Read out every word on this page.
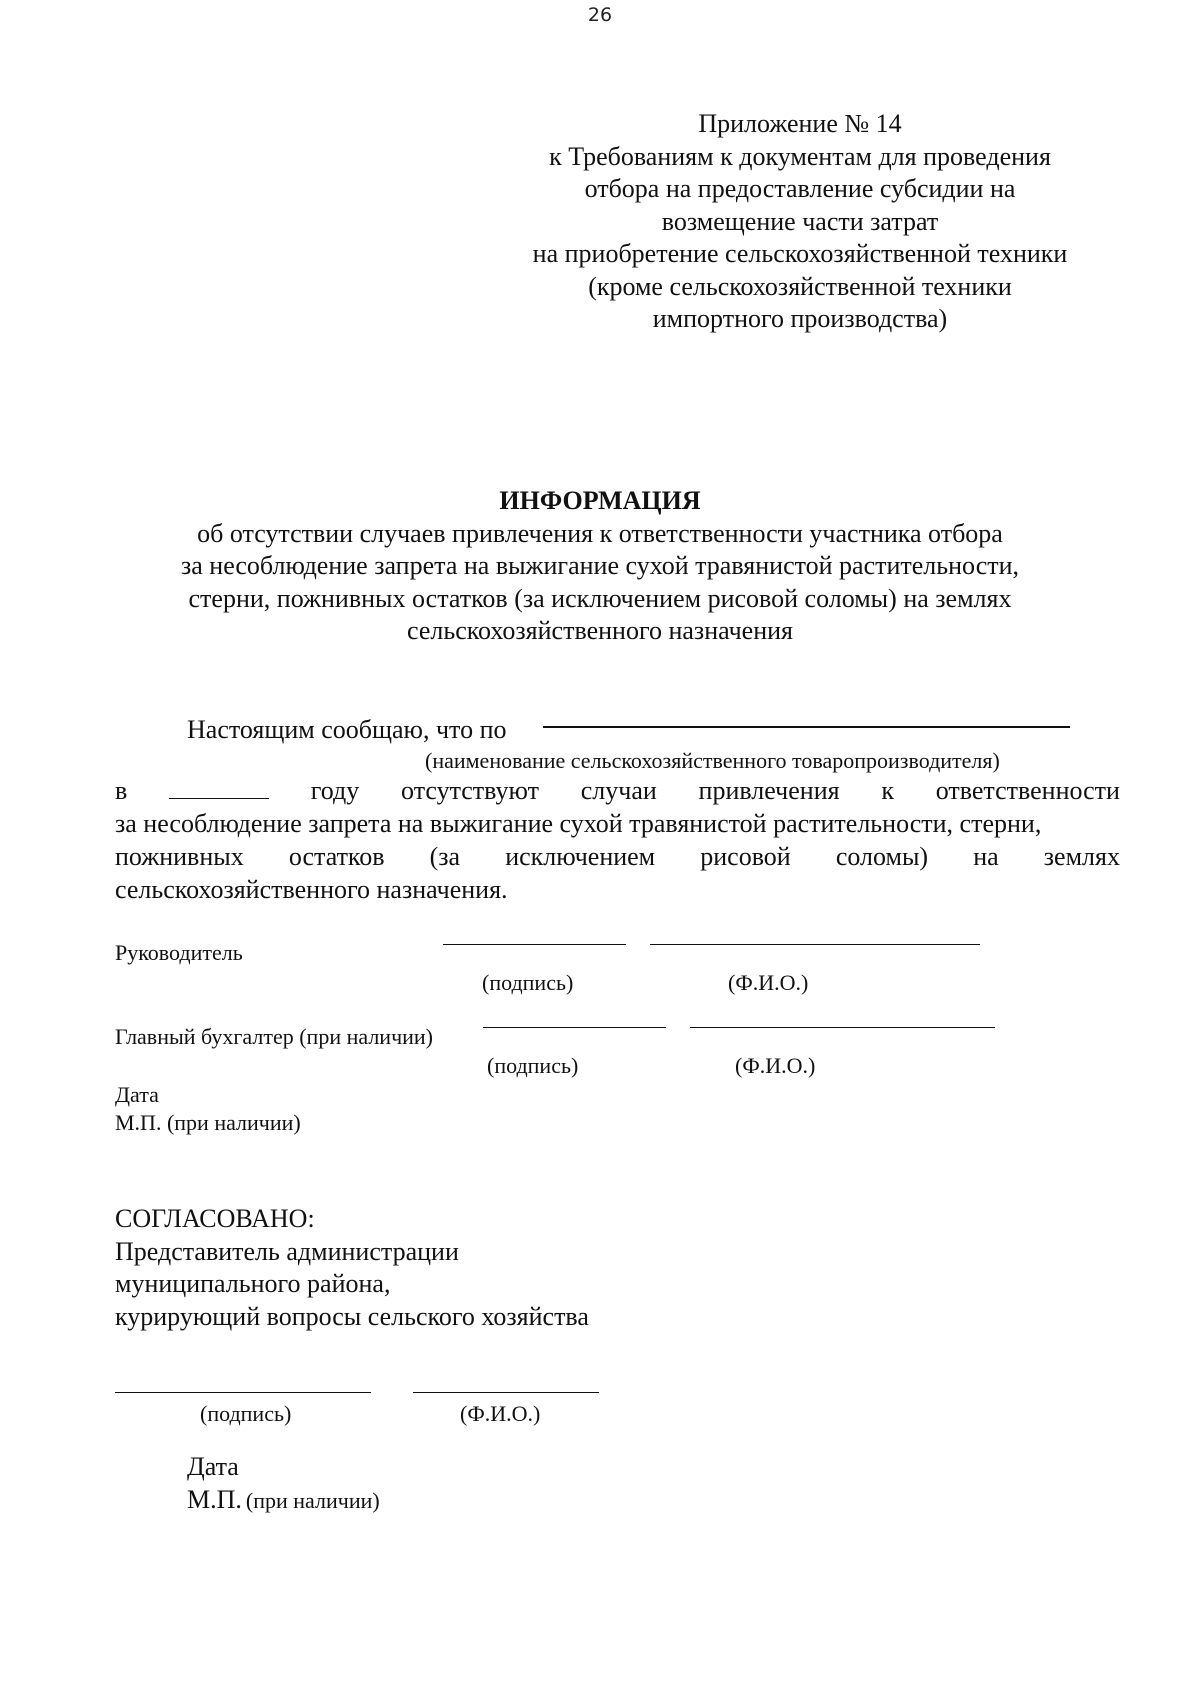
26
Приложение № 14
к Требованиям к документам для проведения
отбора на предоставление субсидии на
возмещение части затрат
на приобретение сельскохозяйственной техники
(кроме сельскохозяйственной техники
импортного производства)
ИНФОРМАЦИЯ
об отсутствии случаев привлечения к ответственности участника отбора
за несоблюдение запрета на выжигание сухой травянистой растительности,
стерни, пожнивных остатков (за исключением рисовой соломы) на землях
сельскохозяйственного назначения
Настоящим сообщаю, что по
(наименование сельскохозяйственного товаропроизводителя)
в	году отсутствуют случаи привлечения к ответственности
за несоблюдение запрета на выжигание сухой травянистой растительности, стерни,
пожнивных остатков (за исключением рисовой соломы) на землях
сельскохозяйственного назначения.
Руководитель
(подпись)	(Ф.И.О.)
Главный бухгалтер (при наличии)
(подпись)	(Ф.И.О.)
Дата
М.П. (при наличии)
СОГЛАСОВАНО:
Представитель администрации
муниципального района,
курирующий вопросы сельского хозяйства
(подпись)	(Ф.И.О.)
Дата
М.П. (при наличии)
